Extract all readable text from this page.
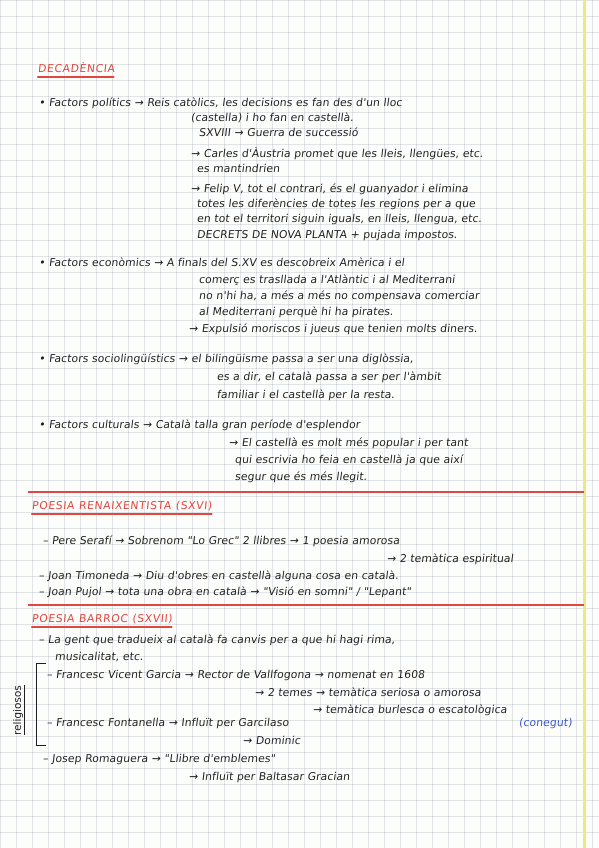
DECADÈNCIA
• Factors polítics → Reis catòlics, les decisions es fan des d'un lloc
(castella) i ho fan en castellà.
SXVIII → Guerra de successió
→ Carles d'Àustria promet que les lleis, llengües, etc.
es mantindrien
→ Felip V, tot el contrari, és el guanyador i elimina
totes les diferències de totes les regions per a que
en tot el territori siguin iguals, en lleis, llengua, etc.
DECRETS DE NOVA PLANTA + pujada impostos.
• Factors econòmics → A finals del S.XV es descobreix Amèrica i el
comerç es trasllada a l'Atlàntic i al Mediterrani
no n'hi ha, a més a més no compensava comerciar
al Mediterrani perquè hi ha pirates.
→ Expulsió moriscos i jueus que tenien molts diners.
• Factors sociolingüístics → el bilingüisme passa a ser una diglòssia,
es a dir, el català passa a ser per l'àmbit
familiar i el castellà per la resta.
• Factors culturals → Català talla gran període d'esplendor
→ El castellà es molt més popular i per tant
qui escrivia ho feia en castellà ja que així
segur que és més llegit.
POESIA RENAIXENTISTA (SXVI)
– Pere Serafí → Sobrenom "Lo Grec" 2 llibres → 1 poesia amorosa
→ 2 temàtica espiritual
– Joan Timoneda → Diu d'obres en castellà alguna cosa en català.
– Joan Pujol → tota una obra en català → "Visió en somni" / "Lepant"
POESIA BARROC (SXVII)
– La gent que tradueix al català fa canvis per a que hi hagi rima,
musicalitat, etc.
religiosos
– Francesc Vicent Garcia → Rector de Vallfogona → nomenat en 1608
→ 2 temes → temàtica seriosa o amorosa
→ temàtica burlesca o escatològica
(conegut)
– Francesc Fontanella → Influït per Garcilaso
→ Dominic
– Josep Romaguera → "Llibre d'emblemes"
→ Influït per Baltasar Gracian
